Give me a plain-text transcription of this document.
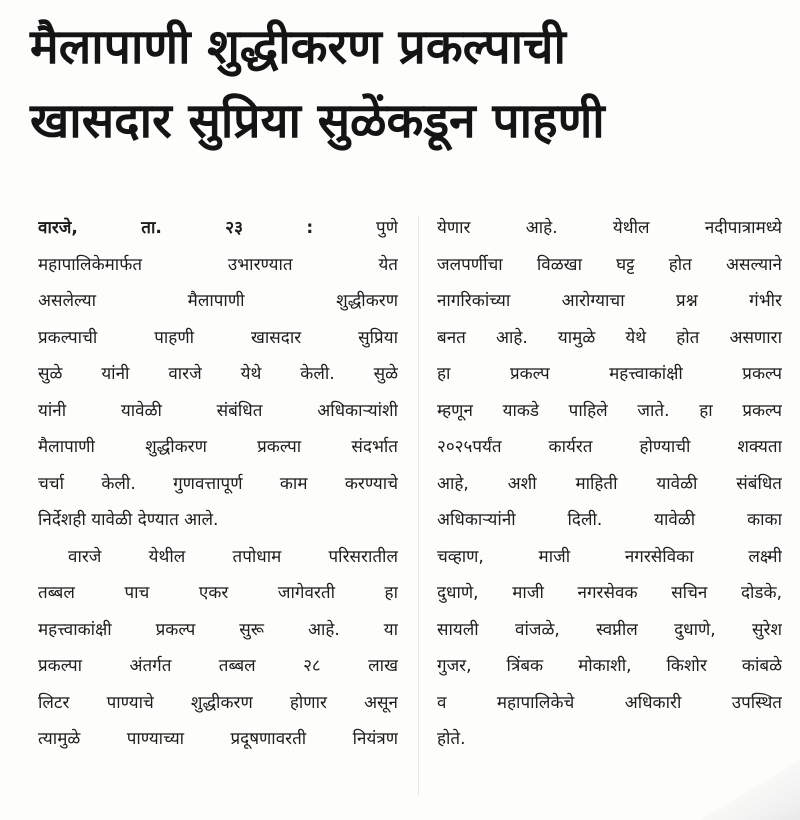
मैलापाणी शुद्धीकरण प्रकल्पाची
खासदार सुप्रिया सुळेंकडून पाहणी

वारजे, ता. २३ : पुणे
महापालिकेमार्फत उभारण्यात येत
असलेल्या मैलापाणी शुद्धीकरण
प्रकल्पाची पाहणी खासदार सुप्रिया
सुळे यांनी वारजे येथे केली. सुळे
यांनी यावेळी संबंधित अधिकाऱ्यांशी
मैलापाणी शुद्धीकरण प्रकल्पा संदर्भात
चर्चा केली. गुणवत्तापूर्ण काम करण्याचे
निर्देशही यावेळी देण्यात आले.

वारजे येथील तपोधाम परिसरातील
तब्बल पाच एकर जागेवरती हा
महत्त्वाकांक्षी प्रकल्प सुरू आहे. या
प्रकल्पा अंतर्गत तब्बल २८ लाख
लिटर पाण्याचे शुद्धीकरण होणार असून
त्यामुळे पाण्याच्या प्रदूषणावरती नियंत्रण

येणार आहे. येथील नदीपात्रामध्ये
जलपर्णीचा विळखा घट्ट होत असल्याने
नागरिकांच्या आरोग्याचा प्रश्न गंभीर
बनत आहे. यामुळे येथे होत असणारा
हा प्रकल्प महत्त्वाकांक्षी प्रकल्प
म्हणून याकडे पाहिले जाते. हा प्रकल्प
२०२५पर्यंत कार्यरत होण्याची शक्यता
आहे, अशी माहिती यावेळी संबंधित
अधिकाऱ्यांनी दिली. यावेळी काका
चव्हाण, माजी नगरसेविका लक्ष्मी
दुधाणे, माजी नगरसेवक सचिन दोडके,
सायली वांजळे, स्वप्नील दुधाणे, सुरेश
गुजर, त्रिंबक मोकाशी, किशोर कांबळे
व महापालिकेचे अधिकारी उपस्थित
होते.
